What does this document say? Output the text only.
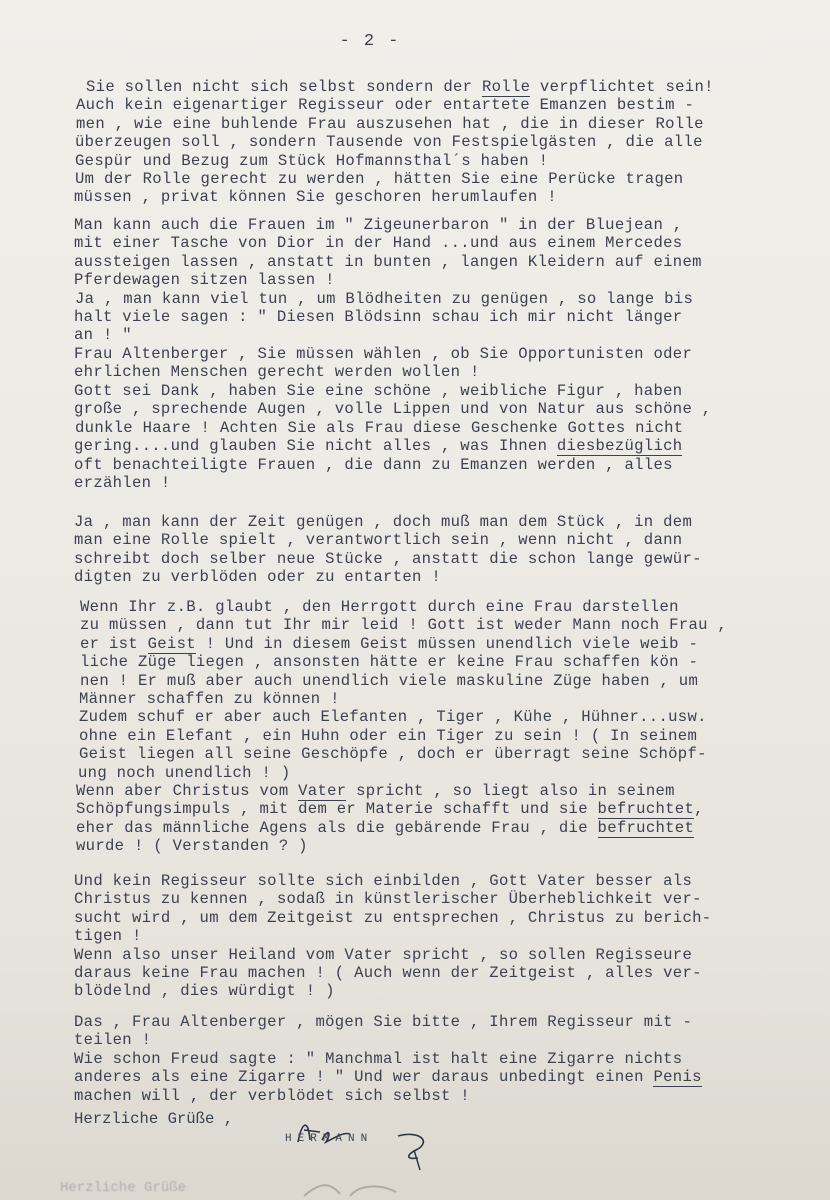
- 2 -
Sie sollen nicht sich selbst sondern der Rolle verpflichtet sein!
Auch kein eigenartiger Regisseur oder entartete Emanzen bestim -
men , wie eine buhlende Frau auszusehen hat , die in dieser Rolle
überzeugen soll , sondern Tausende von Festspielgästen , die alle
Gespür und Bezug zum Stück Hofmannsthal´s haben !
Um der Rolle gerecht zu werden , hätten Sie eine Perücke tragen
müssen , privat können Sie geschoren herumlaufen !
Man kann auch die Frauen im " Zigeunerbaron " in der Bluejean ,
mit einer Tasche von Dior in der Hand ...und aus einem Mercedes
aussteigen lassen , anstatt in bunten , langen Kleidern auf einem
Pferdewagen sitzen lassen !
Ja , man kann viel tun , um Blödheiten zu genügen , so lange bis
halt viele sagen : " Diesen Blödsinn schau ich mir nicht länger
an ! "
Frau Altenberger , Sie müssen wählen , ob Sie Opportunisten oder
ehrlichen Menschen gerecht werden wollen !
Gott sei Dank , haben Sie eine schöne , weibliche Figur , haben
große , sprechende Augen , volle Lippen und von Natur aus schöne ,
dunkle Haare ! Achten Sie als Frau diese Geschenke Gottes nicht
gering....und glauben Sie nicht alles , was Ihnen diesbezüglich
oft benachteiligte Frauen , die dann zu Emanzen werden , alles
erzählen !
Ja , man kann der Zeit genügen , doch muß man dem Stück , in dem
man eine Rolle spielt , verantwortlich sein , wenn nicht , dann
schreibt doch selber neue Stücke , anstatt die schon lange gewür-
digten zu verblöden oder zu entarten !
Wenn Ihr z.B. glaubt , den Herrgott durch eine Frau darstellen
zu müssen , dann tut Ihr mir leid ! Gott ist weder Mann noch Frau ,
er ist Geist ! Und in diesem Geist müssen unendlich viele weib -
liche Züge liegen , ansonsten hätte er keine Frau schaffen kön -
nen ! Er muß aber auch unendlich viele maskuline Züge haben , um
Männer schaffen zu können !
Zudem schuf er aber auch Elefanten , Tiger , Kühe , Hühner...usw.
ohne ein Elefant , ein Huhn oder ein Tiger zu sein ! ( In seinem
Geist liegen all seine Geschöpfe , doch er überragt seine Schöpf-
ung noch unendlich ! )
Wenn aber Christus vom Vater spricht , so liegt also in seinem
Schöpfungsimpuls , mit dem er Materie schafft und sie befruchtet,
eher das männliche Agens als die gebärende Frau , die befruchtet
wurde ! ( Verstanden ? )
Und kein Regisseur sollte sich einbilden , Gott Vater besser als
Christus zu kennen , sodaß in künstlerischer Überheblichkeit ver-
sucht wird , um dem Zeitgeist zu entsprechen , Christus zu berich-
tigen !
Wenn also unser Heiland vom Vater spricht , so sollen Regisseure
daraus keine Frau machen ! ( Auch wenn der Zeitgeist , alles ver-
blödelnd , dies würdigt ! )
Das , Frau Altenberger , mögen Sie bitte , Ihrem Regisseur mit -
teilen !
Wie schon Freud sagte : " Manchmal ist halt eine Zigarre nichts
anderes als eine Zigarre ! " Und wer daraus unbedingt einen Penis
machen will , der verblödet sich selbst !
Herzliche Grüße ,
HERMANN
Herzliche Grüße
